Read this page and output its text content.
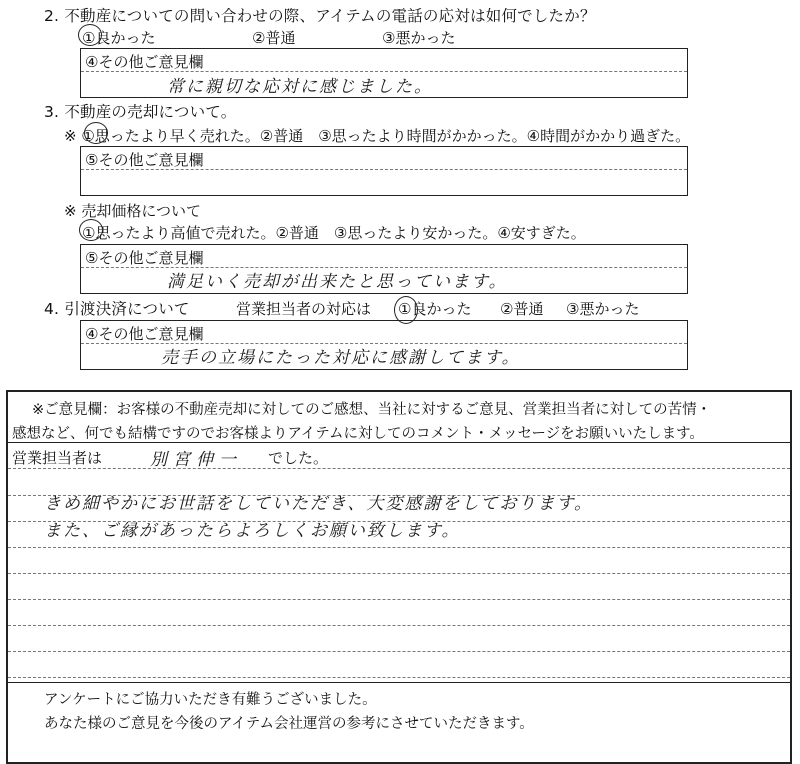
2. 不動産についての問い合わせの際、アイテムの電話の応対は如何でしたか？
①良かった	②普通	③悪かった
④その他ご意見欄
常に親切な応対に感じました。
3. 不動産の売却について。
※ ①思ったより早く売れた。②普通　③思ったより時間がかかった。④時間がかかり過ぎた。
⑤その他ご意見欄
※ 売却価格について
①思ったより高値で売れた。②普通　③思ったより安かった。④安すぎた。
⑤その他ご意見欄
満足いく売却が出来たと思っています。
4. 引渡決済について	営業担当者の対応は ①良かった ②普通 ③悪かった
④その他ご意見欄
売手の立場にたった対応に感謝してます。
※ご意見欄：お客様の不動産売却に対してのご感想、当社に対するご意見、営業担当者に対しての苦情・
感想など、何でも結構ですのでお客様よりアイテムに対してのコメント・メッセージをお願いいたします。
営業担当者は	別宮伸一 でした。
きめ細やかにお世話をしていただき、大変感謝をしております。
また、ご縁があったらよろしくお願い致します。
アンケートにご協力いただき有難うございました。
あなた様のご意見を今後のアイテム会社運営の参考にさせていただきます。
